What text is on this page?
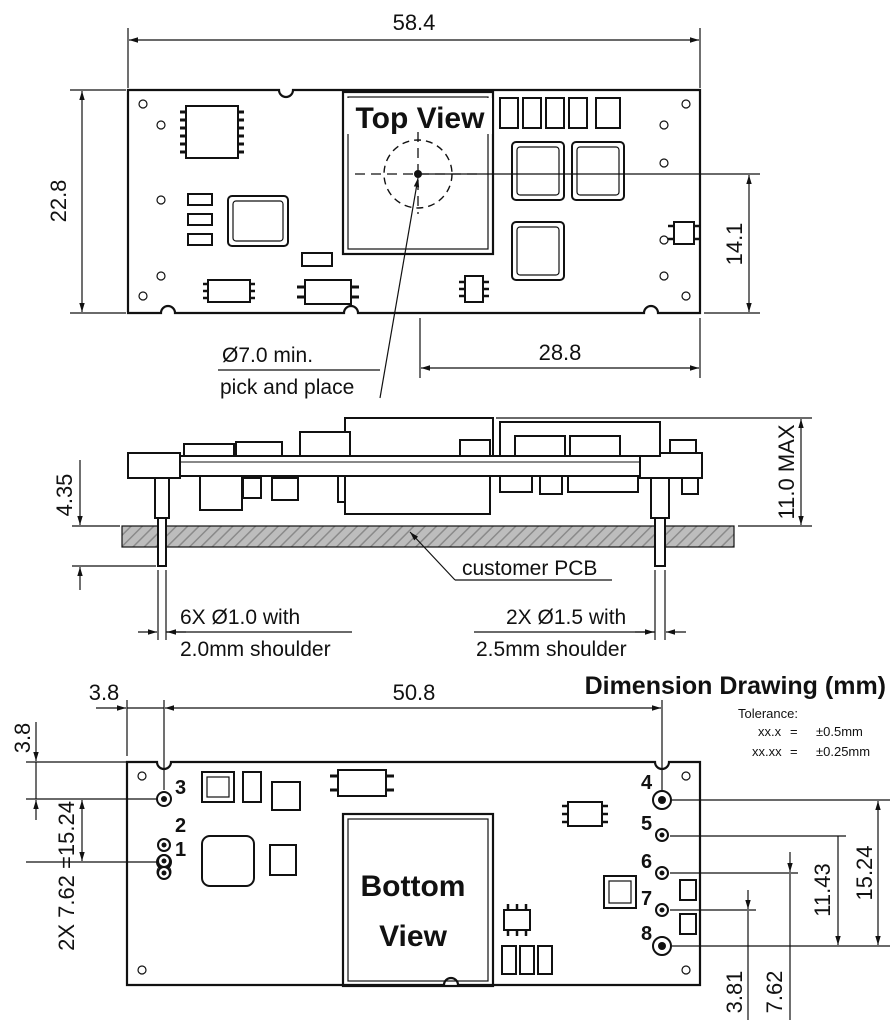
58.4
22.8
Top View
14.1
28.8
Ø7.0 min.
pick and place
4.35	11.0 MAX
customer PCB
6X Ø1.0 with
2.0mm shoulder
2X Ø1.5 with
2.5mm shoulder
Dimension Drawing (mm)
Tolerance:
xx.x = ±0.5mm
xx.xx = ±0.25mm
3.8	50.8
3.8
2X 7.62 =15.24	Bottom
View
1
2
3	4
5
6
7
8
15.24
11.43
7.62
3.81
